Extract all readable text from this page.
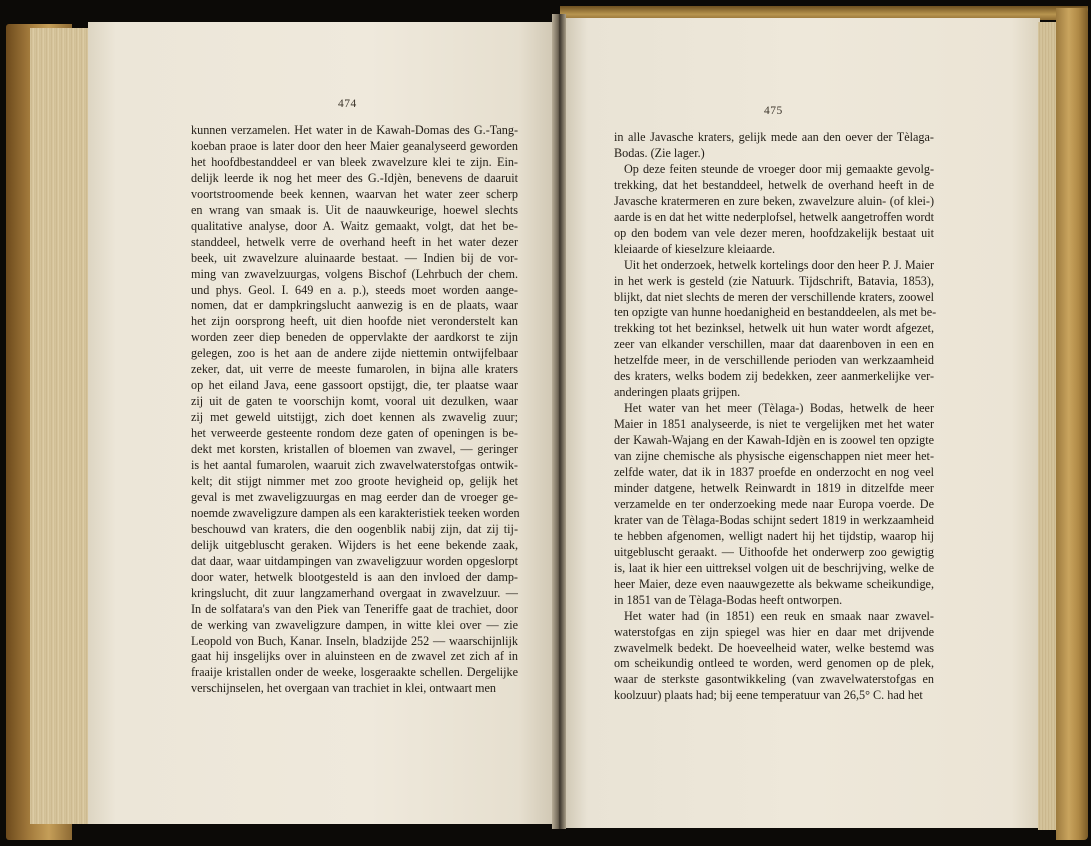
474
475
kunnen verzamelen. Het water in de Kawah-Domas des G.-Tang-
koeban praoe is later door den heer Maier geanalyseerd geworden
het hoofdbestanddeel er van bleek zwavelzure klei te zijn. Ein-
delijk leerde ik nog het meer des G.-Idjèn, benevens de daaruit
voortstroomende beek kennen, waarvan het water zeer scherp
en wrang van smaak is. Uit de naauwkeurige, hoewel slechts
qualitative analyse, door A. Waitz gemaakt, volgt, dat het be-
standdeel, hetwelk verre de overhand heeft in het water dezer
beek, uit zwavelzure aluinaarde bestaat. — Indien bij de vor-
ming van zwavelzuurgas, volgens Bischof (Lehrbuch der chem.
und phys. Geol. I. 649 en a. p.), steeds moet worden aange-
nomen, dat er dampkringslucht aanwezig is en de plaats, waar
het zijn oorsprong heeft, uit dien hoofde niet veronderstelt kan
worden zeer diep beneden de oppervlakte der aardkorst te zijn
gelegen, zoo is het aan de andere zijde niettemin ontwijfelbaar
zeker, dat, uit verre de meeste fumarolen, in bijna alle kraters
op het eiland Java, eene gassoort opstijgt, die, ter plaatse waar
zij uit de gaten te voorschijn komt, vooral uit dezulken, waar
zij met geweld uitstijgt, zich doet kennen als zwavelig zuur;
het verweerde gesteente rondom deze gaten of openingen is be-
dekt met korsten, kristallen of bloemen van zwavel, — geringer
is het aantal fumarolen, waaruit zich zwavelwaterstofgas ontwik-
kelt; dit stijgt nimmer met zoo groote hevigheid op, gelijk het
geval is met zwaveligzuurgas en mag eerder dan de vroeger ge-
noemde zwaveligzure dampen als een karakteristiek teeken worden
beschouwd van kraters, die den oogenblik nabij zijn, dat zij tij-
delijk uitgebluscht geraken. Wijders is het eene bekende zaak,
dat daar, waar uitdampingen van zwaveligzuur worden opgeslorpt
door water, hetwelk blootgesteld is aan den invloed der damp-
kringslucht, dit zuur langzamerhand overgaat in zwavelzuur. —
In de solfatara's van den Piek van Teneriffe gaat de trachiet, door
de werking van zwaveligzure dampen, in witte klei over — zie
Leopold von Buch, Kanar. Inseln, bladzijde 252 — waarschijnlijk
gaat hij insgelijks over in aluinsteen en de zwavel zet zich af in
fraaije kristallen onder de weeke, losgeraakte schellen. Dergelijke
verschijnselen, het overgaan van trachiet in klei, ontwaart men
in alle Javasche kraters, gelijk mede aan den oever der Tèlaga-
Bodas. (Zie lager.)
Op deze feiten steunde de vroeger door mij gemaakte gevolg-
trekking, dat het bestanddeel, hetwelk de overhand heeft in de
Javasche kratermeren en zure beken, zwavelzure aluin- (of klei-)
aarde is en dat het witte nederplofsel, hetwelk aangetroffen wordt
op den bodem van vele dezer meren, hoofdzakelijk bestaat uit
kleiaarde of kieselzure kleiaarde.
Uit het onderzoek, hetwelk kortelings door den heer P. J. Maier
in het werk is gesteld (zie Natuurk. Tijdschrift, Batavia, 1853),
blijkt, dat niet slechts de meren der verschillende kraters, zoowel
ten opzigte van hunne hoedanigheid en bestanddeelen, als met be-
trekking tot het bezinksel, hetwelk uit hun water wordt afgezet,
zeer van elkander verschillen, maar dat daarenboven in een en
hetzelfde meer, in de verschillende perioden van werkzaamheid
des kraters, welks bodem zij bedekken, zeer aanmerkelijke ver-
anderingen plaats grijpen.
Het water van het meer (Tèlaga-) Bodas, hetwelk de heer
Maier in 1851 analyseerde, is niet te vergelijken met het water
der Kawah-Wajang en der Kawah-Idjèn en is zoowel ten opzigte
van zijne chemische als physische eigenschappen niet meer het-
zelfde water, dat ik in 1837 proefde en onderzocht en nog veel
minder datgene, hetwelk Reinwardt in 1819 in ditzelfde meer
verzamelde en ter onderzoeking mede naar Europa voerde. De
krater van de Tèlaga-Bodas schijnt sedert 1819 in werkzaamheid
te hebben afgenomen, welligt nadert hij het tijdstip, waarop hij
uitgebluscht geraakt. — Uithoofde het onderwerp zoo gewigtig
is, laat ik hier een uittreksel volgen uit de beschrijving, welke de
heer Maier, deze even naauwgezette als bekwame scheikundige,
in 1851 van de Tèlaga-Bodas heeft ontworpen.
Het water had (in 1851) een reuk en smaak naar zwavel-
waterstofgas en zijn spiegel was hier en daar met drijvende
zwavelmelk bedekt. De hoeveelheid water, welke bestemd was
om scheikundig ontleed te worden, werd genomen op de plek,
waar de sterkste gasontwikkeling (van zwavelwaterstofgas en
koolzuur) plaats had; bij eene temperatuur van 26,5° C. had het
